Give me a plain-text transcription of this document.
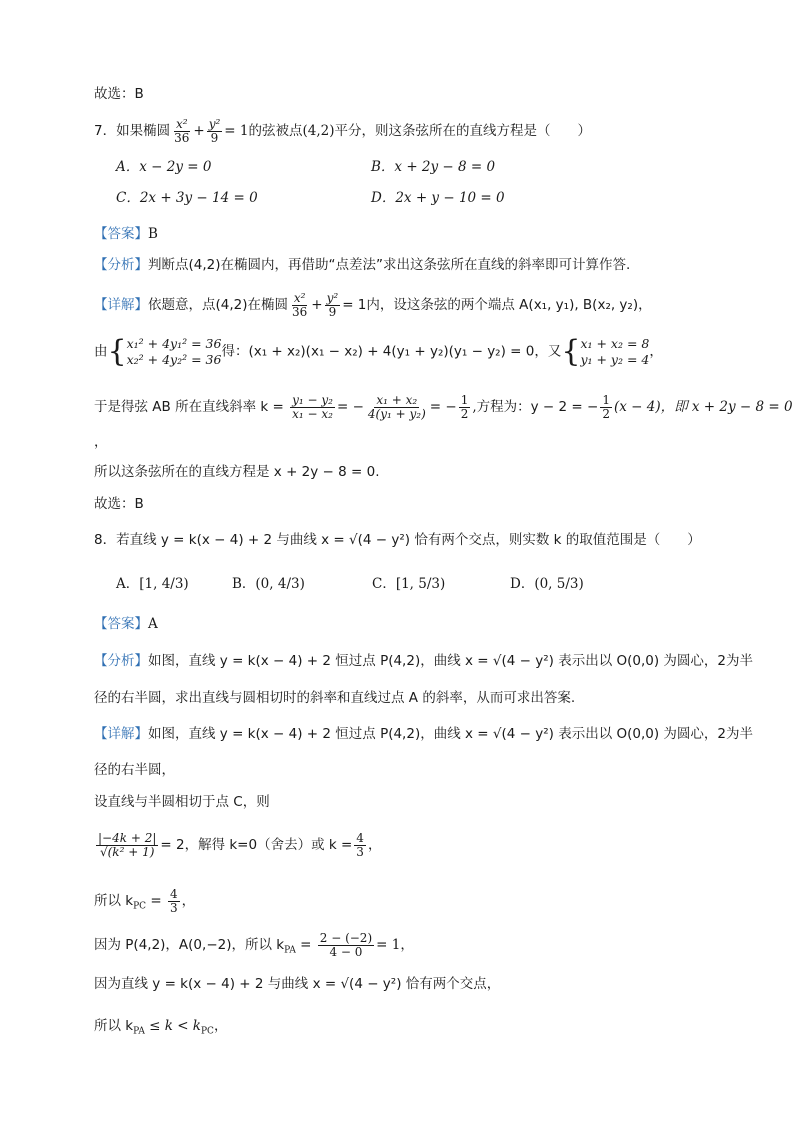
故选：B
7．如果椭圆 $\frac{\text{x²}}{36} + \frac{\text{y²}}{9} = 1$的弦被点(4,2)平分，则这条弦所在的直线方程是（　　）
A．x − 2y = 0	B．x + 2y − 8 = 0
C．2x + 3y − 14 = 0	D．2x + y − 10 = 0
【答案】B
【分析】判断点(4,2)在椭圆内，再借助“点差法”求出这条弦所在直线的斜率即可计算作答.
【详解】依题意，点(4,2)在椭圆 $\frac{\text{x²}}{36} + \frac{\text{y²}}{9} = 1$内，设这条弦的两个端点 A(x₁, y₁), B(x₂, y₂)，
由 { x₁² + 4y₁² = 36
x₂² + 4y₂² = 36 得：(x₁ + x₂)(x₁ − x₂) + 4(y₁ + y₂)(y₁ − y₂) = 0，又 { x₁ + x₂ = 8
y₁ + y₂ = 4 ，
于是得弦 AB 所在直线斜率 $k = \frac{\text{y₁ − y₂}}{\text{x₁ − x₂}}$ = − $\frac{\text{x₁ + x₂}}{\text{4(y₁ + y₂)}}$ = − $\frac{1}{2}$ ,方程为：y − 2 = − $\frac{1}{2} (x - 4)$，即 x + 2y − 8 = 0
，
所以这条弦所在的直线方程是 x + 2y − 8 = 0.
故选：B
8．若直线 y = k(x − 4) + 2 与曲线 x = √(4 − y²) 恰有两个交点，则实数 k 的取值范围是（　　）
A．[1, 4/3)	B．(0, 4/3)	C．[1, 5/3)	D．(0, 5/3)
【答案】A
【分析】如图，直线 y = k(x − 4) + 2 恒过点 P(4,2)，曲线 x = √(4 − y²) 表示出以 O(0,0) 为圆心，2为半
径的右半圆，求出直线与圆相切时的斜率和直线过点 A 的斜率，从而可求出答案.
【详解】如图，直线 y = k(x − 4) + 2 恒过点 P(4,2)，曲线 x = √(4 − y²) 表示出以 O(0,0) 为圆心，2为半
径的右半圆，
设直线与半圆相切于点 C，则
$\frac{|-4k + 2|}{\text{√(k² + 1)}} = 2$，解得 k=0（舍去）或 $k = \frac{4}{3}$ ，
所以 $k_{PC} = \frac{4}{3}$ ，
因为 P(4,2)，A(0,−2)，所以 $k_{PA} = \frac{2 - (-2)}{4 - 0} = 1$，
因为直线 y = k(x − 4) + 2 与曲线 x = √(4 − y²) 恰有两个交点，
所以 $k_{PA} \le k < k_{PC}$，
